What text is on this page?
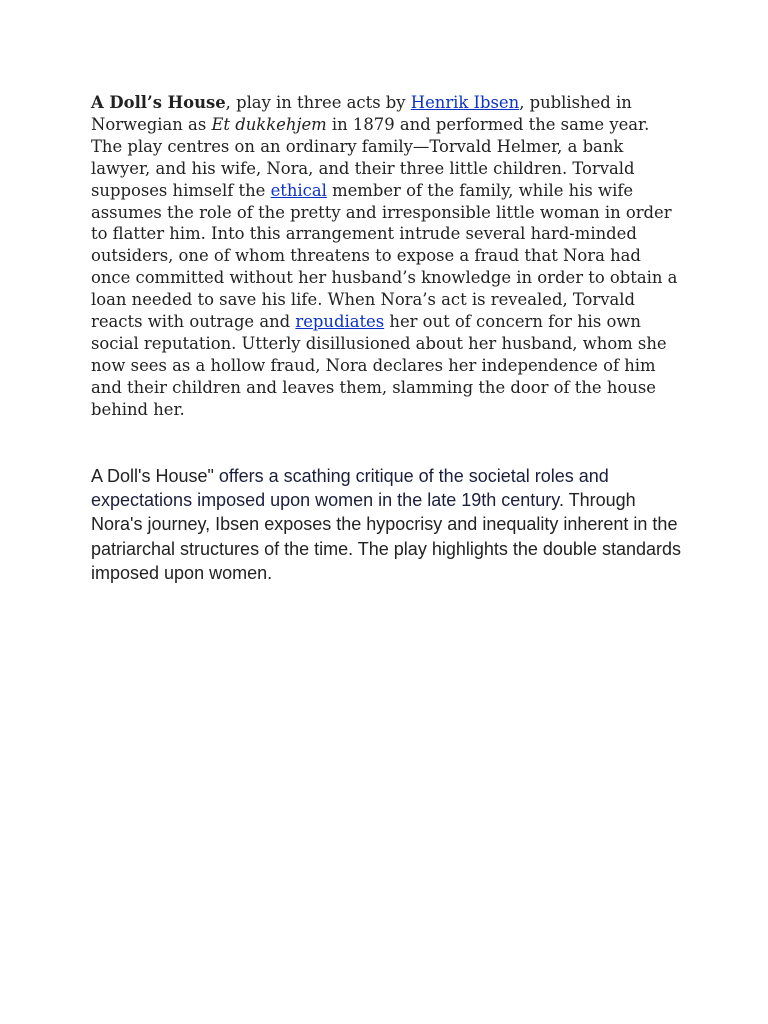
A Doll’s House, play in three acts by Henrik Ibsen, published in Norwegian as Et dukkehjem in 1879 and performed the same year. The play centres on an ordinary family—Torvald Helmer, a bank lawyer, and his wife, Nora, and their three little children. Torvald supposes himself the ethical member of the family, while his wife assumes the role of the pretty and irresponsible little woman in order to flatter him. Into this arrangement intrude several hard-minded outsiders, one of whom threatens to expose a fraud that Nora had once committed without her husband’s knowledge in order to obtain a loan needed to save his life. When Nora’s act is revealed, Torvald reacts with outrage and repudiates her out of concern for his own social reputation. Utterly disillusioned about her husband, whom she now sees as a hollow fraud, Nora declares her independence of him and their children and leaves them, slamming the door of the house behind her.

A Doll's House" offers a scathing critique of the societal roles and expectations imposed upon women in the late 19th century. Through Nora's journey, Ibsen exposes the hypocrisy and inequality inherent in the patriarchal structures of the time. The play highlights the double standards imposed upon women.
